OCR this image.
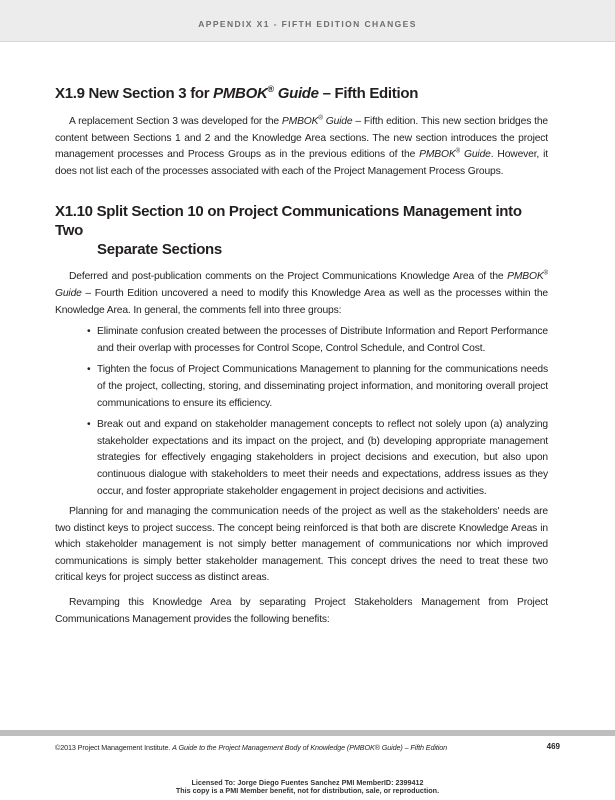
APPENDIX X1 - FIFTH EDITION CHANGES
X1.9 New Section 3 for PMBOK® Guide – Fifth Edition

A replacement Section 3 was developed for the PMBOK® Guide – Fifth edition. This new section bridges the content between Sections 1 and 2 and the Knowledge Area sections. The new section introduces the project management processes and Process Groups as in the previous editions of the PMBOK® Guide. However, it does not list each of the processes associated with each of the Project Management Process Groups.

X1.10 Split Section 10 on Project Communications Management into Two
Separate Sections

Deferred and post-publication comments on the Project Communications Knowledge Area of the PMBOK® Guide – Fourth Edition uncovered a need to modify this Knowledge Area as well as the processes within the Knowledge Area. In general, the comments fell into three groups:

• Eliminate confusion created between the processes of Distribute Information and Report Performance and their overlap with processes for Control Scope, Control Schedule, and Control Cost.
• Tighten the focus of Project Communications Management to planning for the communications needs of the project, collecting, storing, and disseminating project information, and monitoring overall project communications to ensure its efficiency.
• Break out and expand on stakeholder management concepts to reflect not solely upon (a) analyzing stakeholder expectations and its impact on the project, and (b) developing appropriate management strategies for effectively engaging stakeholders in project decisions and execution, but also upon continuous dialogue with stakeholders to meet their needs and expectations, address issues as they occur, and foster appropriate stakeholder engagement in project decisions and activities.

Planning for and managing the communication needs of the project as well as the stakeholders' needs are two distinct keys to project success. The concept being reinforced is that both are discrete Knowledge Areas in which stakeholder management is not simply better management of communications nor which improved communications is simply better stakeholder management. This concept drives the need to treat these two critical keys for project success as distinct areas.

Revamping this Knowledge Area by separating Project Stakeholders Management from Project Communications Management provides the following benefits:

©2013 Project Management Institute. A Guide to the Project Management Body of Knowledge (PMBOK® Guide) – Fifth Edition	469
Licensed To: Jorge Diego Fuentes Sanchez PMI MemberID: 2399412
This copy is a PMI Member benefit, not for distribution, sale, or reproduction.
